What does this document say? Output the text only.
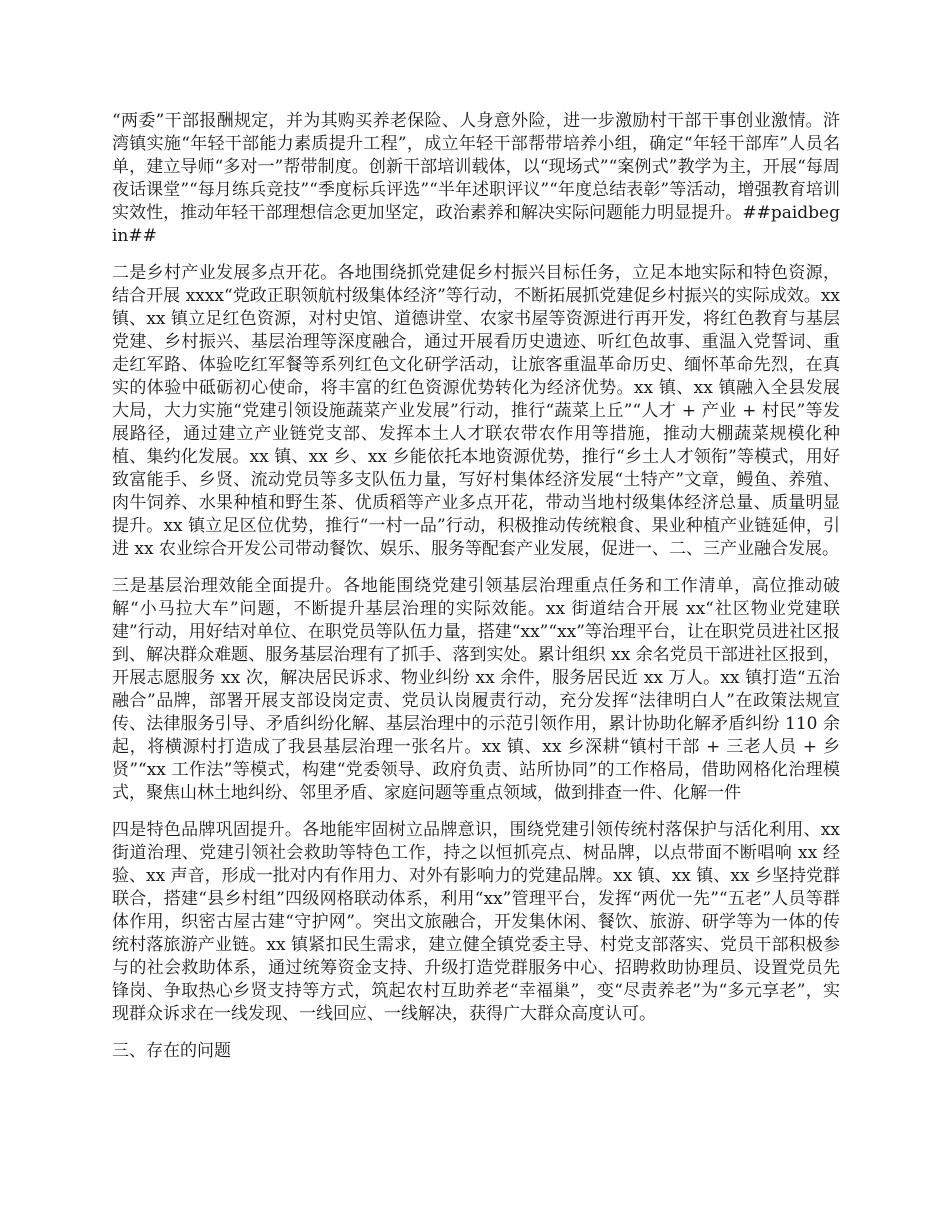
“两委”干部报酬规定，并为其购买养老保险、人身意外险，进一步激励村干部干事创业激情。浒湾镇实施“年轻干部能力素质提升工程”，成立年轻干部帮带培养小组，确定“年轻干部库”人员名单，建立导师“多对一”帮带制度。创新干部培训载体，以“现场式”“案例式”教学为主，开展“每周夜话课堂”“每月练兵竞技”“季度标兵评选”“半年述职评议”“年度总结表彰”等活动，增强教育培训实效性，推动年轻干部理想信念更加坚定，政治素养和解决实际问题能力明显提升。##paidbegin##

二是乡村产业发展多点开花。各地围绕抓党建促乡村振兴目标任务，立足本地实际和特色资源，结合开展 xxxx“党政正职领航村级集体经济”等行动，不断拓展抓党建促乡村振兴的实际成效。xx 镇、xx 镇立足红色资源，对村史馆、道德讲堂、农家书屋等资源进行再开发，将红色教育与基层党建、乡村振兴、基层治理等深度融合，通过开展看历史遗迹、听红色故事、重温入党誓词、重走红军路、体验吃红军餐等系列红色文化研学活动，让旅客重温革命历史、缅怀革命先烈，在真实的体验中砥砺初心使命，将丰富的红色资源优势转化为经济优势。xx 镇、xx 镇融入全县发展大局，大力实施“党建引领设施蔬菜产业发展”行动，推行“蔬菜上丘”“人才 + 产业 + 村民”等发展路径，通过建立产业链党支部、发挥本土人才联农带农作用等措施，推动大棚蔬菜规模化种植、集约化发展。xx 镇、xx 乡、xx 乡能依托本地资源优势，推行“乡土人才领衔”等模式，用好致富能手、乡贤、流动党员等多支队伍力量，写好村集体经济发展“土特产”文章，鳗鱼、养殖、肉牛饲养、水果种植和野生茶、优质稻等产业多点开花，带动当地村级集体经济总量、质量明显提升。xx 镇立足区位优势，推行“一村一品”行动，积极推动传统粮食、果业种植产业链延伸，引进 xx 农业综合开发公司带动餐饮、娱乐、服务等配套产业发展，促进一、二、三产业融合发展。

三是基层治理效能全面提升。各地能围绕党建引领基层治理重点任务和工作清单，高位推动破解“小马拉大车”问题，不断提升基层治理的实际效能。xx 街道结合开展 xx“社区物业党建联建”行动，用好结对单位、在职党员等队伍力量，搭建“xx”“xx”等治理平台，让在职党员进社区报到、解决群众难题、服务基层治理有了抓手、落到实处。累计组织 xx 余名党员干部进社区报到，开展志愿服务 xx 次，解决居民诉求、物业纠纷 xx 余件，服务居民近 xx 万人。xx 镇打造“五治融合”品牌，部署开展支部设岗定责、党员认岗履责行动，充分发挥“法律明白人”在政策法规宣传、法律服务引导、矛盾纠纷化解、基层治理中的示范引领作用，累计协助化解矛盾纠纷 110 余起，将横源村打造成了我县基层治理一张名片。xx 镇、xx 乡深耕“镇村干部 + 三老人员 + 乡贤”“xx 工作法”等模式，构建“党委领导、政府负责、站所协同”的工作格局，借助网格化治理模式，聚焦山林土地纠纷、邻里矛盾、家庭问题等重点领域，做到排查一件、化解一件

四是特色品牌巩固提升。各地能牢固树立品牌意识，围绕党建引领传统村落保护与活化利用、xx 街道治理、党建引领社会救助等特色工作，持之以恒抓亮点、树品牌，以点带面不断唱响 xx 经验、xx 声音，形成一批对内有作用力、对外有影响力的党建品牌。xx 镇、xx 镇、xx 乡坚持党群联合，搭建“县乡村组”四级网格联动体系，利用“xx”管理平台，发挥“两优一先”“五老”人员等群体作用，织密古屋古建“守护网”。突出文旅融合，开发集休闲、餐饮、旅游、研学等为一体的传统村落旅游产业链。xx 镇紧扣民生需求，建立健全镇党委主导、村党支部落实、党员干部积极参与的社会救助体系，通过统筹资金支持、升级打造党群服务中心、招聘救助协理员、设置党员先锋岗、争取热心乡贤支持等方式，筑起农村互助养老“幸福巢”，变“尽责养老”为“多元享老”，实现群众诉求在一线发现、一线回应、一线解决，获得广大群众高度认可。

三、存在的问题
